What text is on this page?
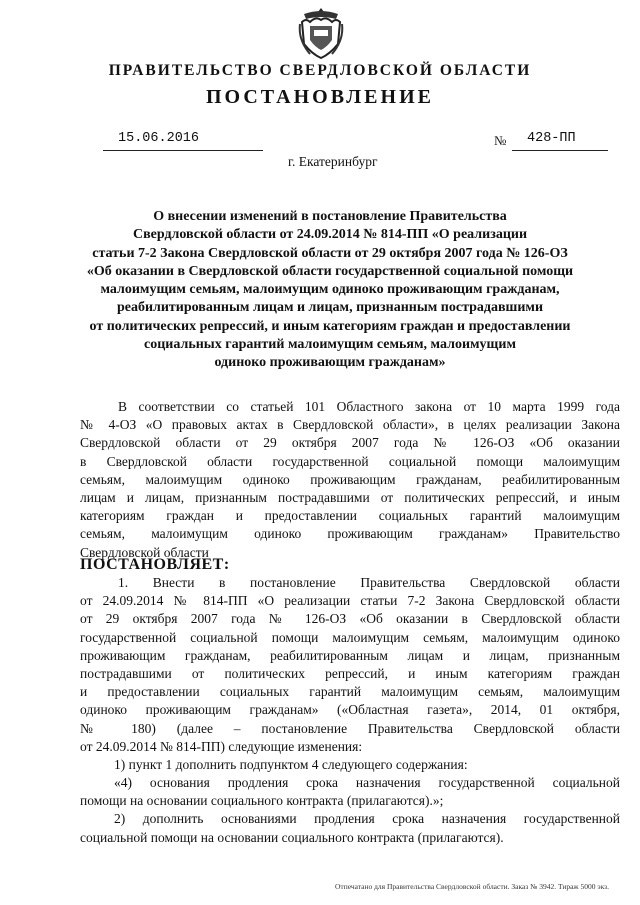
ПРАВИТЕЛЬСТВО СВЕРДЛОВСКОЙ ОБЛАСТИ
ПОСТАНОВЛЕНИЕ
15.06.2016	№ 428-ПП
г. Екатеринбург
О внесении изменений в постановление Правительства
Свердловской области от 24.09.2014 № 814-ПП «О реализации
статьи 7-2 Закона Свердловской области от 29 октября 2007 года № 126-ОЗ
«Об оказании в Свердловской области государственной социальной помощи
малоимущим семьям, малоимущим одиноко проживающим гражданам,
реабилитированным лицам и лицам, признанным пострадавшими
от политических репрессий, и иным категориям граждан и предоставлении
социальных гарантий малоимущим семьям, малоимущим
одиноко проживающим гражданам»
В соответствии со статьей 101 Областного закона от 10 марта 1999 года
№ 4-ОЗ «О правовых актах в Свердловской области», в целях реализации Закона
Свердловской области от 29 октября 2007 года № 126-ОЗ «Об оказании
в Свердловской области государственной социальной помощи малоимущим
семьям, малоимущим одиноко проживающим гражданам, реабилитированным
лицам и лицам, признанным пострадавшими от политических репрессий, и иным
категориям граждан и предоставлении социальных гарантий малоимущим
семьям, малоимущим одиноко проживающим гражданам» Правительство
Свердловской области
ПОСТАНОВЛЯЕТ:
1. Внести в постановление Правительства Свердловской области
от 24.09.2014 № 814-ПП «О реализации статьи 7-2 Закона Свердловской области
от 29 октября 2007 года № 126-ОЗ «Об оказании в Свердловской области
государственной социальной помощи малоимущим семьям, малоимущим одиноко
проживающим гражданам, реабилитированным лицам и лицам, признанным
пострадавшими от политических репрессий, и иным категориям граждан
и предоставлении социальных гарантий малоимущим семьям, малоимущим
одиноко проживающим гражданам» («Областная газета», 2014, 01 октября,
№ 180) (далее – постановление Правительства Свердловской области
от 24.09.2014 № 814-ПП) следующие изменения:
1) пункт 1 дополнить подпунктом 4 следующего содержания:
«4) основания продления срока назначения государственной социальной
помощи на основании социального контракта (прилагаются).»;
2) дополнить основаниями продления срока назначения государственной
социальной помощи на основании социального контракта (прилагаются).
Отпечатано для Правительства Свердловской области. Заказ № 3942. Тираж 5000 экз.
